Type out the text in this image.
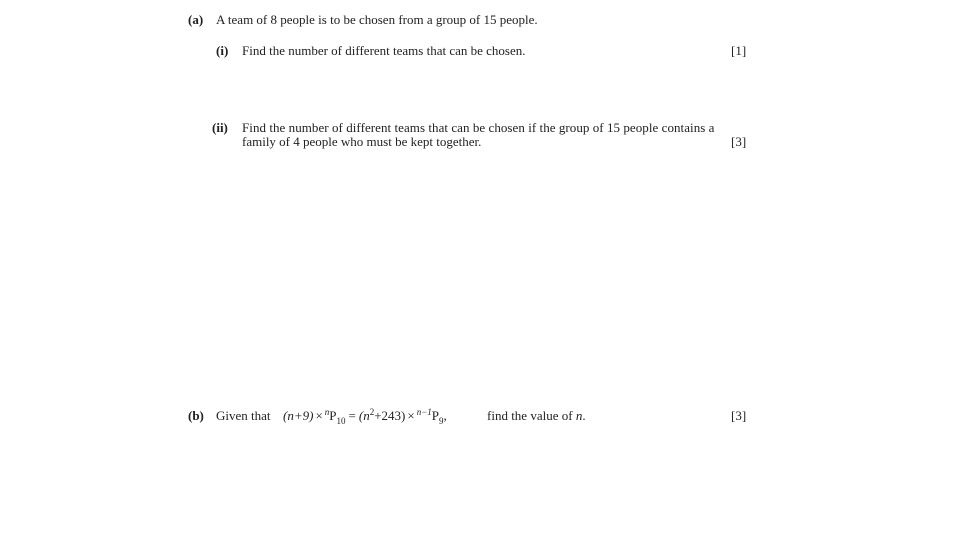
(a) A team of 8 people is to be chosen from a group of 15 people.
(i) Find the number of different teams that can be chosen.	[1]
(ii) Find the number of different teams that can be chosen if the group of 15 people contains a
family of 4 people who must be kept together.	[3]
(b) Given that $(n+9) \times ^nP_{10} = (n^2+243) \times ^{n-1}P_9$,	find the value of n.	[3]
